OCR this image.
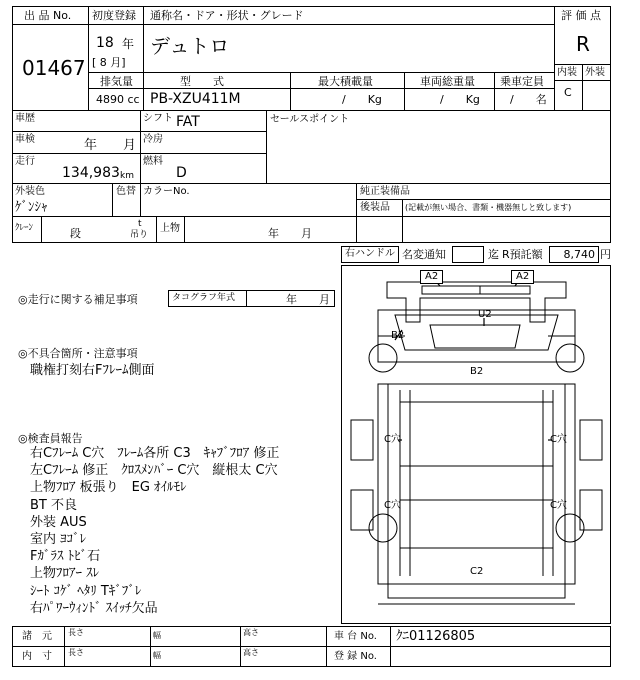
出 品 No.
01467
初度登録
18 年
[ 8 月]
通称名・ドア・形状・グレード
デュトロ
評 価 点
R
内装 外装
C
排気量
4890 cc
型　　式
PB-XZU411M
最大積載量
/　　Kg
車両総重量
/　　Kg
乗車定員
/　　名
車歴	シフト FAT	セールスポイント
車検	年　　月 冷房
走行
134,983 km
燃料
D
外装色
ｹﾞﾝｼｬ
色替 カラーNo.	純正装備品
後装品 (記載が無い場合、書類・機器無しと致します)
ｸﾚｰﾝ	段
t
吊り
上物	年　　月
右ハンドル 名変通知	迄 R預託額 8,740 円
◎走行に関する補足事項	タコグラフ年式	年　　月
◎不具合箇所・注意事項
職権打刻右Fﾌﾚｰﾑ側面
◎検査員報告
右Cﾌﾚｰﾑ C穴　ﾌﾚｰﾑ各所 C3　ｷｬﾌﾞﾌﾛｱ 修正
左Cﾌﾚｰﾑ 修正　ｸﾛｽﾒﾝﾊﾞｰ C穴　縦根太 C穴
上物ﾌﾛｱ 板張り　EG ｵｲﾙﾓﾚ
BT 不良
外装 AUS
室内 ﾖｺﾞﾚ
Fｶﾞﾗｽ ﾄﾋﾞ石
上物ﾌﾛｱｰ ｽﾚ
ｼｰﾄ ｺｹﾞ ﾍﾀﾘ Tｷﾞﾌﾞﾚ
右ﾊﾟﾜｰｳｨﾝﾄﾞ ｽｲｯﾁ欠品
A2	A2
U2
B2
B2
C穴	C穴
C穴	C穴
C2
諸　元 長さ	幅	高さ
内　寸 長さ	幅	高さ
車 台 No. ｸﾆ01126805
登 録 No.
